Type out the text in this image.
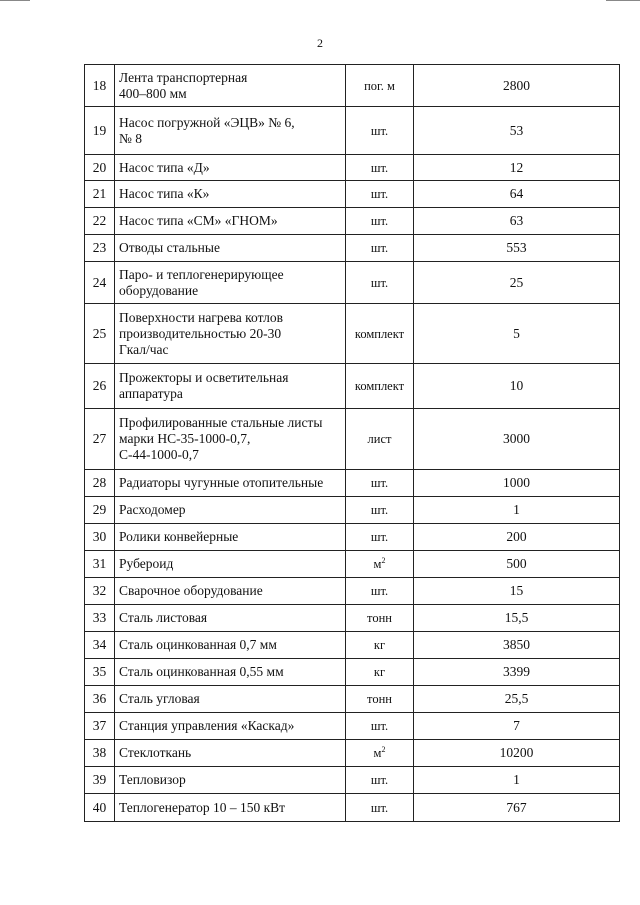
2
18	Лента транспортерная
400–800 мм	пог. м	2800
19	Насос погружной «ЭЦВ» № 6,
№ 8	шт.	53
20	Насос типа «Д»	шт.	12
21	Насос типа «К»	шт.	64
22	Насос типа «СМ» «ГНОМ»	шт.	63
23	Отводы стальные	шт.	553
24	Паро- и теплогенерирующее
оборудование	шт.	25
25	Поверхности нагрева котлов
производительностью 20-30
Гкал/час	комплект	5
26	Прожекторы и осветительная
аппаратура	комплект	10
27	Профилированные стальные листы
марки НС-35-1000-0,7,
С-44-1000-0,7	лист	3000
28	Радиаторы чугунные отопительные	шт.	1000
29	Расходомер	шт.	1
30	Ролики конвейерные	шт.	200
31	Рубероид	$м^2$	500
32	Сварочное оборудование	шт.	15
33	Сталь листовая	тонн	15,5
34	Сталь оцинкованная 0,7 мм	кг	3850
35	Сталь оцинкованная 0,55 мм	кг	3399
36	Сталь угловая	тонн	25,5
37	Станция управления «Каскад»	шт.	7
38	Стеклоткань	$м^2$	10200
39	Тепловизор	шт.	1
40	Теплогенератор 10 – 150 кВт	шт.	767
